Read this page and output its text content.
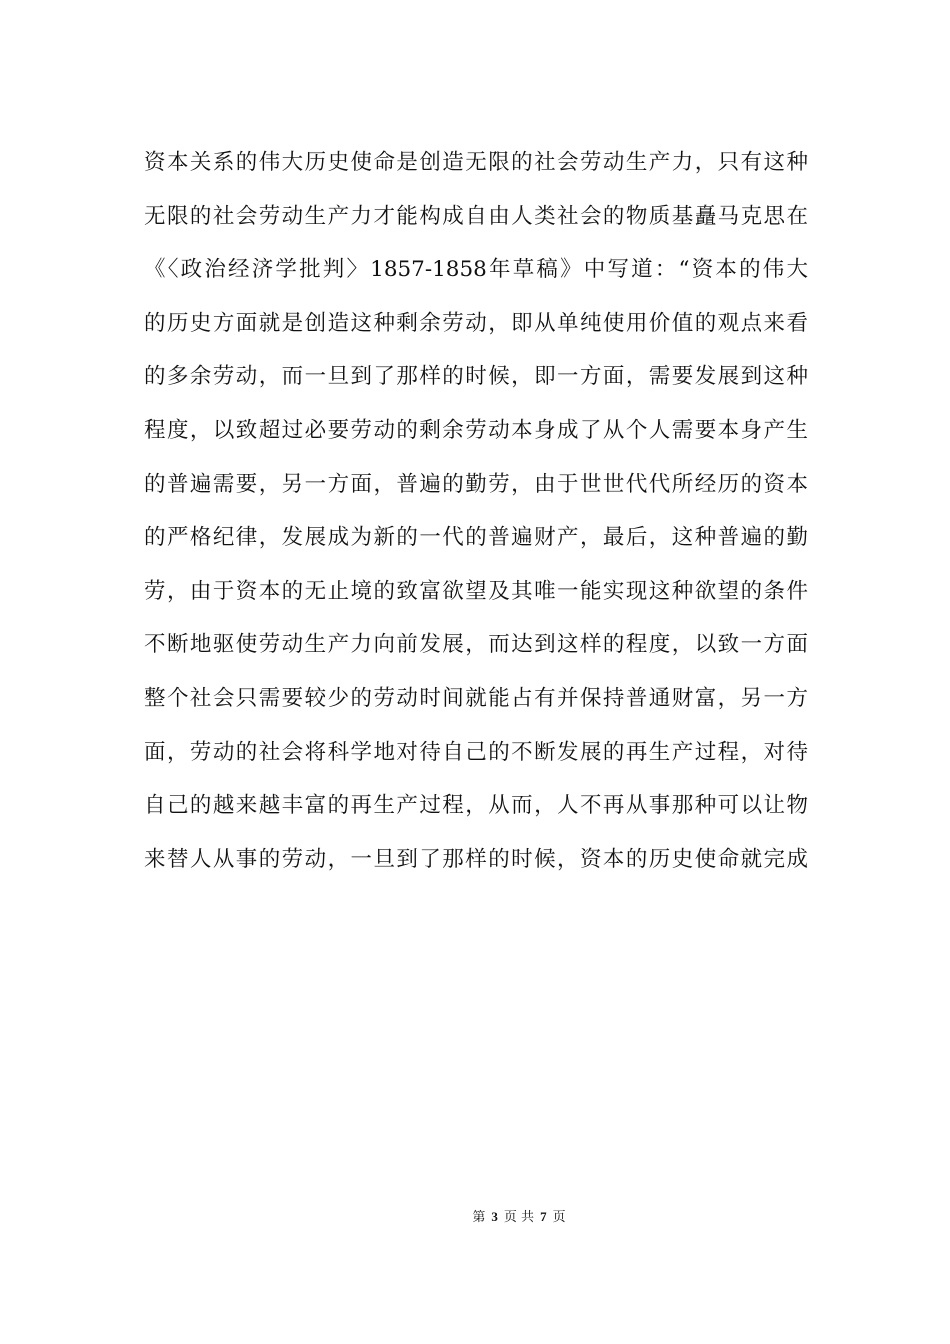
资本关系的伟大历史使命是创造无限的社会劳动生产力，只有这种
无限的社会劳动生产力才能构成自由人类社会的物质基矗马克思在
《〈政治经济学批判〉1857-1858年草稿》中写道：“资本的伟大
的历史方面就是创造这种剩余劳动，即从单纯使用价值的观点来看
的多余劳动，而一旦到了那样的时候，即一方面，需要发展到这种
程度，以致超过必要劳动的剩余劳动本身成了从个人需要本身产生
的普遍需要，另一方面，普遍的勤劳，由于世世代代所经历的资本
的严格纪律，发展成为新的一代的普遍财产，最后，这种普遍的勤
劳，由于资本的无止境的致富欲望及其唯一能实现这种欲望的条件
不断地驱使劳动生产力向前发展，而达到这样的程度，以致一方面
整个社会只需要较少的劳动时间就能占有并保持普通财富，另一方
面，劳动的社会将科学地对待自己的不断发展的再生产过程，对待
自己的越来越丰富的再生产过程，从而，人不再从事那种可以让物
来替人从事的劳动，一旦到了那样的时候，资本的历史使命就完成
第 3 页 共 7 页
